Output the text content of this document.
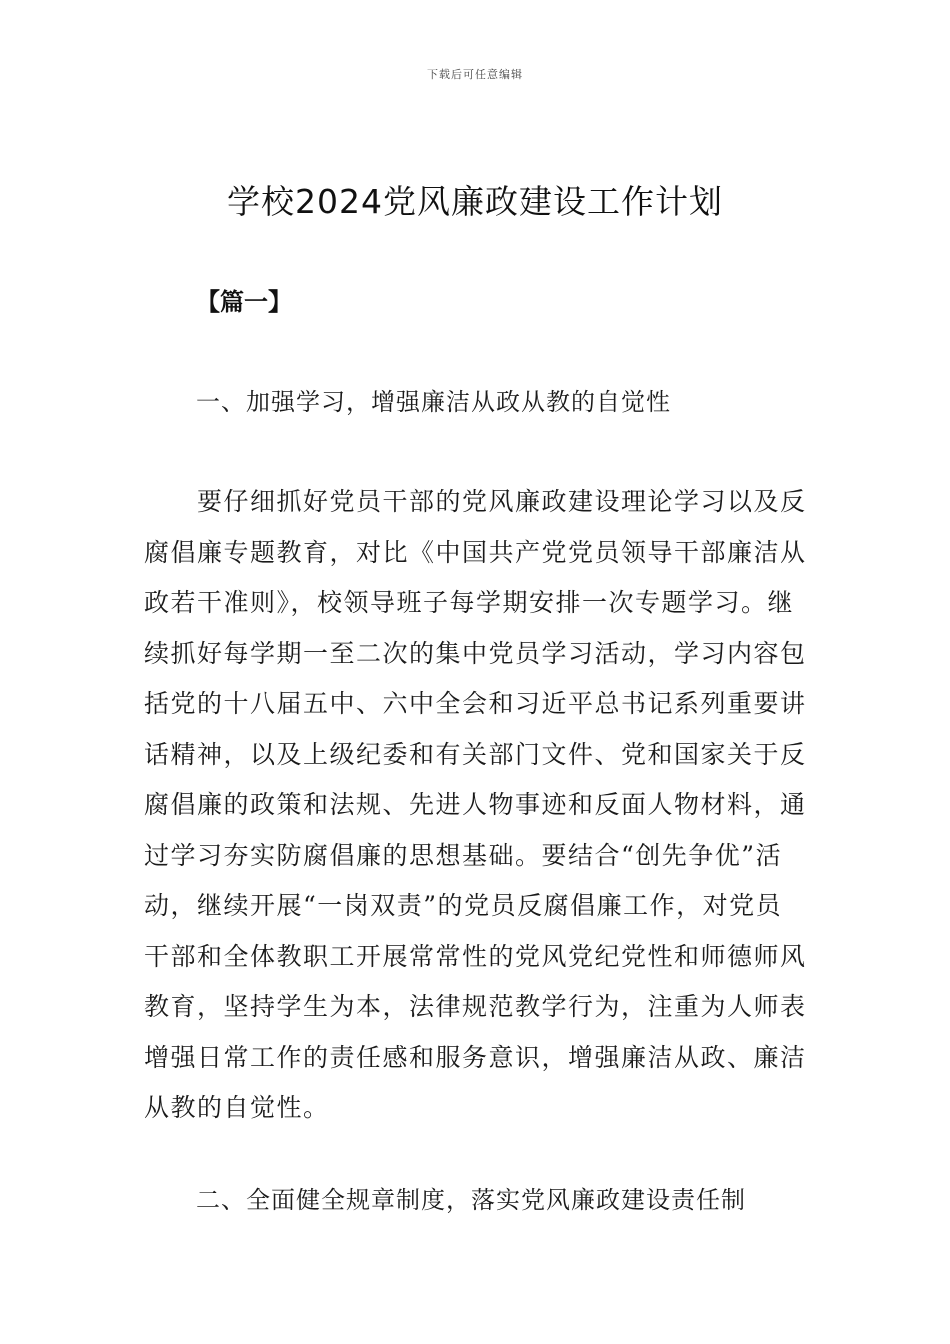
下载后可任意编辑
学校2024党风廉政建设工作计划
【篇一】
一、加强学习，增强廉洁从政从教的自觉性
要仔细抓好党员干部的党风廉政建设理论学习以及反
腐倡廉专题教育，对比《中国共产党党员领导干部廉洁从
政若干准则》，校领导班子每学期安排一次专题学习。继
续抓好每学期一至二次的集中党员学习活动，学习内容包
括党的十八届五中、六中全会和习近平总书记系列重要讲
话精神，以及上级纪委和有关部门文件、党和国家关于反
腐倡廉的政策和法规、先进人物事迹和反面人物材料，通
过学习夯实防腐倡廉的思想基础。要结合“创先争优”活
动，继续开展“一岗双责”的党员反腐倡廉工作，对党员
干部和全体教职工开展常常性的党风党纪党性和师德师风
教育，坚持学生为本，法律规范教学行为，注重为人师表
增强日常工作的责任感和服务意识，增强廉洁从政、廉洁
从教的自觉性。
二、全面健全规章制度，落实党风廉政建设责任制
